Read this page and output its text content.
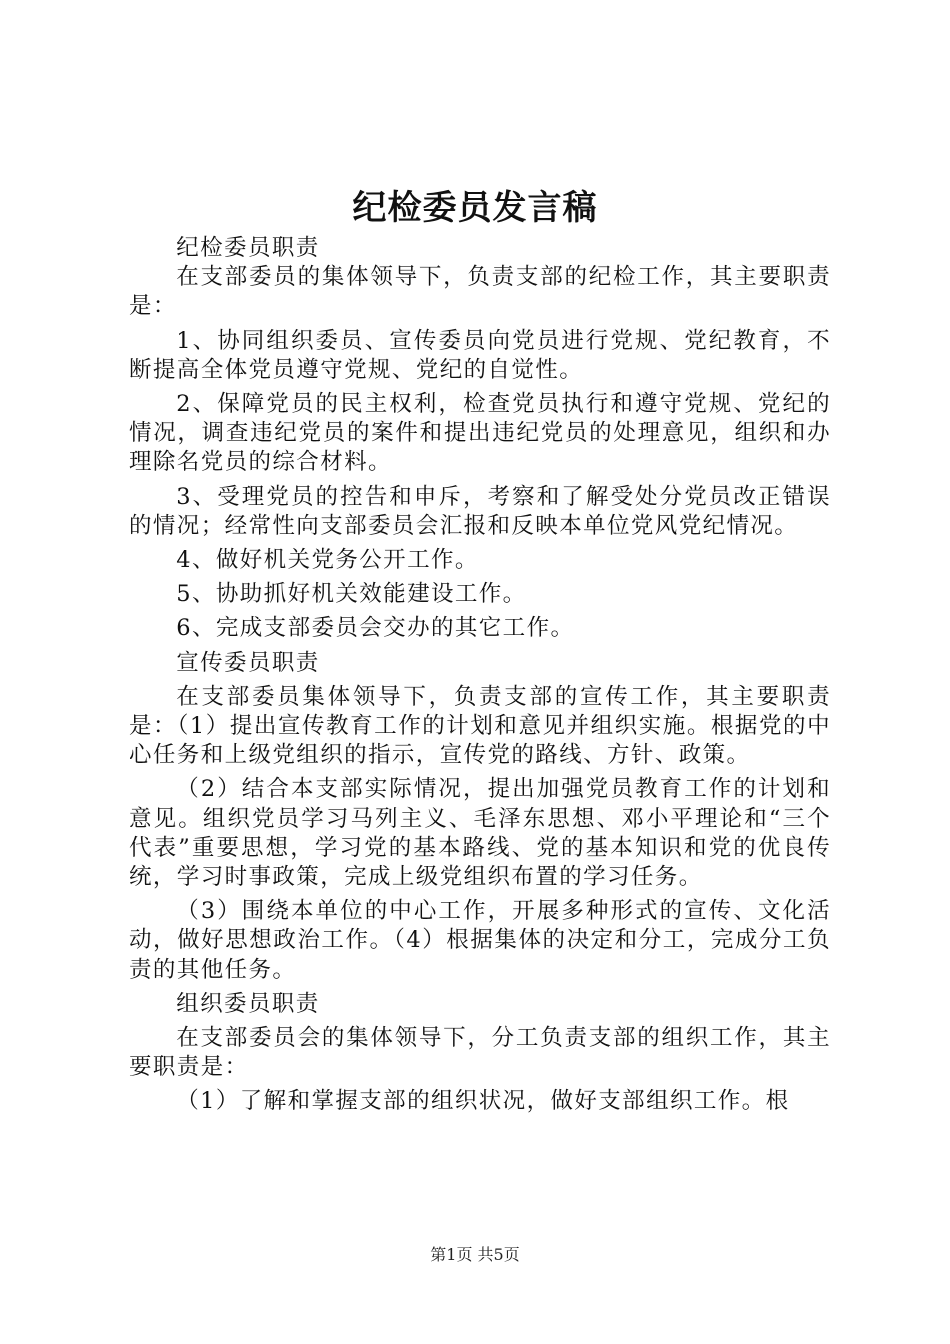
纪检委员发言稿

纪检委员职责

在支部委员的集体领导下，负责支部的纪检工作，其主要职责是：

1、协同组织委员、宣传委员向党员进行党规、党纪教育，不断提高全体党员遵守党规、党纪的自觉性。

2、保障党员的民主权利，检查党员执行和遵守党规、党纪的情况，调查违纪党员的案件和提出违纪党员的处理意见，组织和办理除名党员的综合材料。

3、受理党员的控告和申斥，考察和了解受处分党员改正错误的情况；经常性向支部委员会汇报和反映本单位党风党纪情况。

4、做好机关党务公开工作。

5、协助抓好机关效能建设工作。

6、完成支部委员会交办的其它工作。

宣传委员职责

在支部委员集体领导下，负责支部的宣传工作，其主要职责是：（1）提出宣传教育工作的计划和意见并组织实施。根据党的中心任务和上级党组织的指示，宣传党的路线、方针、政策。

（2）结合本支部实际情况，提出加强党员教育工作的计划和意见。组织党员学习马列主义、毛泽东思想、邓小平理论和“三个代表”重要思想，学习党的基本路线、党的基本知识和党的优良传统，学习时事政策，完成上级党组织布置的学习任务。

（3）围绕本单位的中心工作，开展多种形式的宣传、文化活动，做好思想政治工作。（4）根据集体的决定和分工，完成分工负责的其他任务。

组织委员职责

在支部委员会的集体领导下，分工负责支部的组织工作，其主要职责是：

（1）了解和掌握支部的组织状况，做好支部组织工作。根

第1页 共5页
